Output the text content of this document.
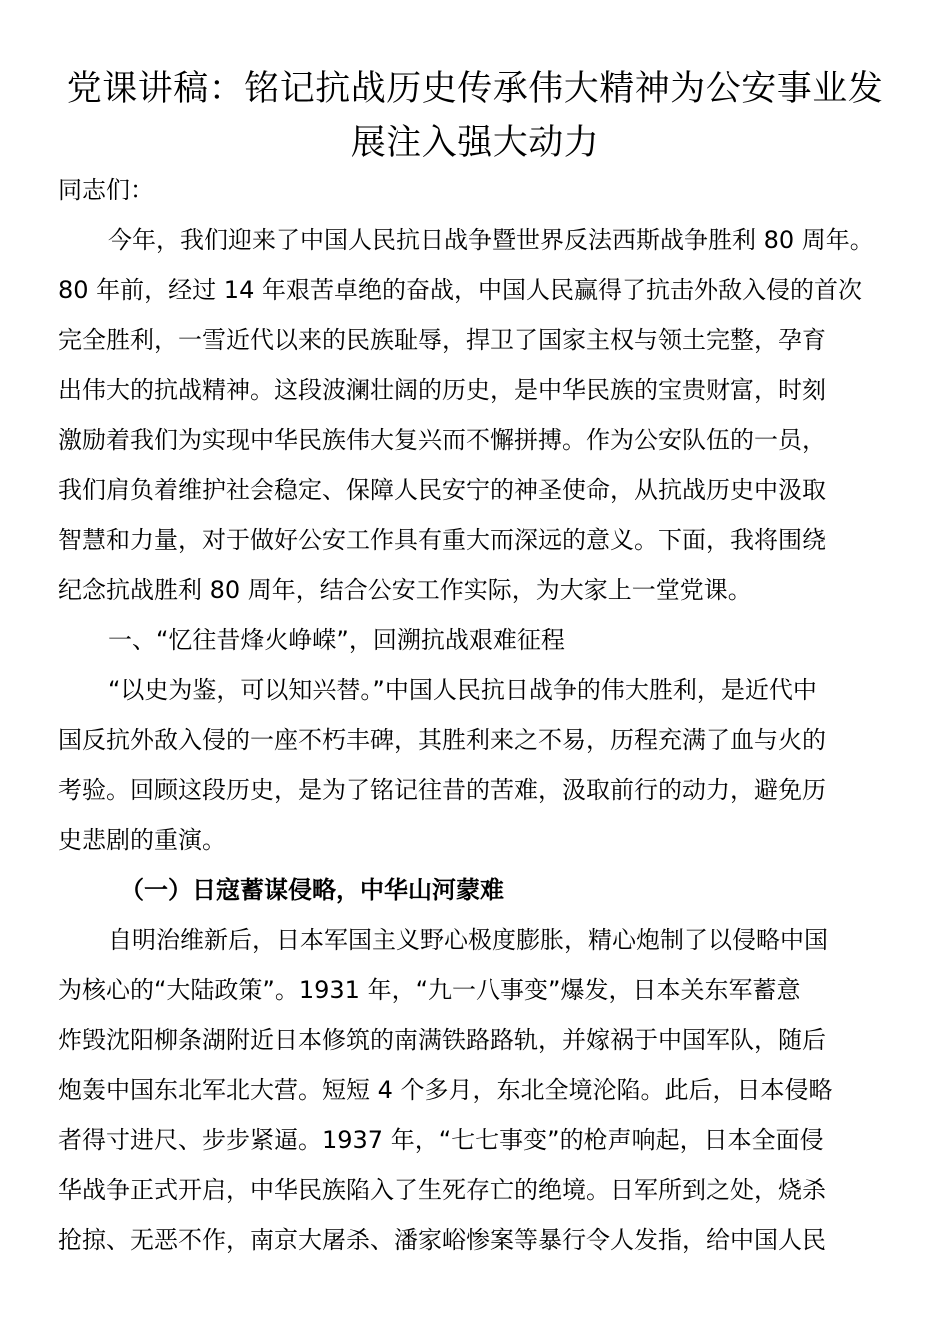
党课讲稿：铭记抗战历史传承伟大精神为公安事业发
展注入强大动力
同志们：
今年，我们迎来了中国人民抗日战争暨世界反法西斯战争胜利 80 周年。
80 年前，经过 14 年艰苦卓绝的奋战，中国人民赢得了抗击外敌入侵的首次
完全胜利，一雪近代以来的民族耻辱，捍卫了国家主权与领土完整，孕育
出伟大的抗战精神。这段波澜壮阔的历史，是中华民族的宝贵财富，时刻
激励着我们为实现中华民族伟大复兴而不懈拼搏。作为公安队伍的一员，
我们肩负着维护社会稳定、保障人民安宁的神圣使命，从抗战历史中汲取
智慧和力量，对于做好公安工作具有重大而深远的意义。下面，我将围绕
纪念抗战胜利 80 周年，结合公安工作实际，为大家上一堂党课。
一、“忆往昔烽火峥嵘”，回溯抗战艰难征程
“以史为鉴，可以知兴替。”中国人民抗日战争的伟大胜利，是近代中
国反抗外敌入侵的一座不朽丰碑，其胜利来之不易，历程充满了血与火的
考验。回顾这段历史，是为了铭记往昔的苦难，汲取前行的动力，避免历
史悲剧的重演。
（一）日寇蓄谋侵略，中华山河蒙难
自明治维新后，日本军国主义野心极度膨胀，精心炮制了以侵略中国
为核心的“大陆政策”。1931 年，“九一八事变”爆发，日本关东军蓄意
炸毁沈阳柳条湖附近日本修筑的南满铁路路轨，并嫁祸于中国军队，随后
炮轰中国东北军北大营。短短 4 个多月，东北全境沦陷。此后，日本侵略
者得寸进尺、步步紧逼。1937 年，“七七事变”的枪声响起，日本全面侵
华战争正式开启，中华民族陷入了生死存亡的绝境。日军所到之处，烧杀
抢掠、无恶不作，南京大屠杀、潘家峪惨案等暴行令人发指，给中国人民
